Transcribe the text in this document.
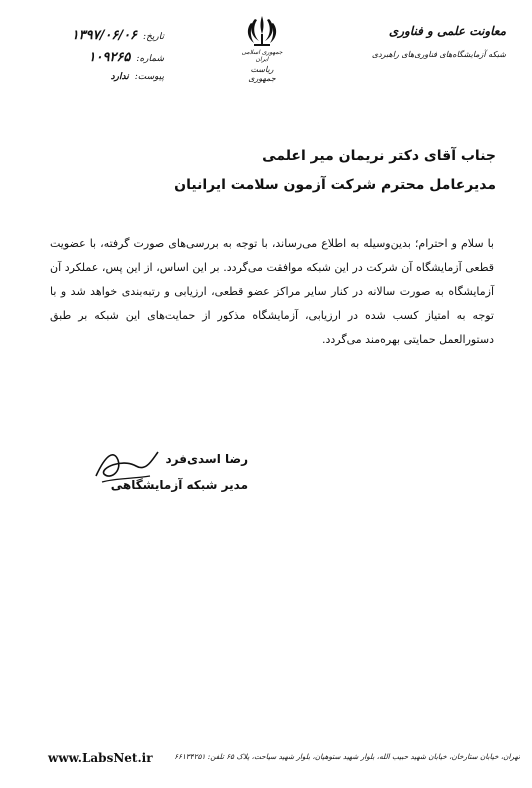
معاونت علمی و فناوری
شبکه آزمایشگاه‌های فناوری‌های راهبردی
جمهوری اسلامی ایران
ریاست جمهوری
تاریخ:
۱۳۹۷/۰۶/۰۶
شماره:
۱۰۹۲۶۵
پیوست:
ندارد
جناب آقای دکتر نریمان میر اعلمی
مدیرعامل محترم شرکت آزمون سلامت ایرانیان
با سلام و احترام؛ بدین‌وسیله به اطلاع می‌رساند، با توجه به بررسی‌های صورت گرفته، با عضویت قطعی آزمایشگاه آن شرکت در این شبکه موافقت می‌گردد. بر این اساس، از این پس، عملکرد آن آزمایشگاه به صورت سالانه در کنار سایر مراکز عضو قطعی، ارزیابی و رتبه‌بندی خواهد شد و با توجه به امتیاز کسب شده در ارزیابی، آزمایشگاه مذکور از حمایت‌های این شبکه بر طبق دستورالعمل حمایتی بهره‌مند می‌گردد.
رضا اسدی‌فرد
مدیر شبکه آزمایشگاهی
www.LabsNet.ir	تهران، خیابان ستارخان، خیابان شهید حبیب الله، بلوار شهید ستوهیان، بلوار شهید سیاحت، پلاک ۶۵ تلفن: ۶۶۱۳۴۲۵۱
